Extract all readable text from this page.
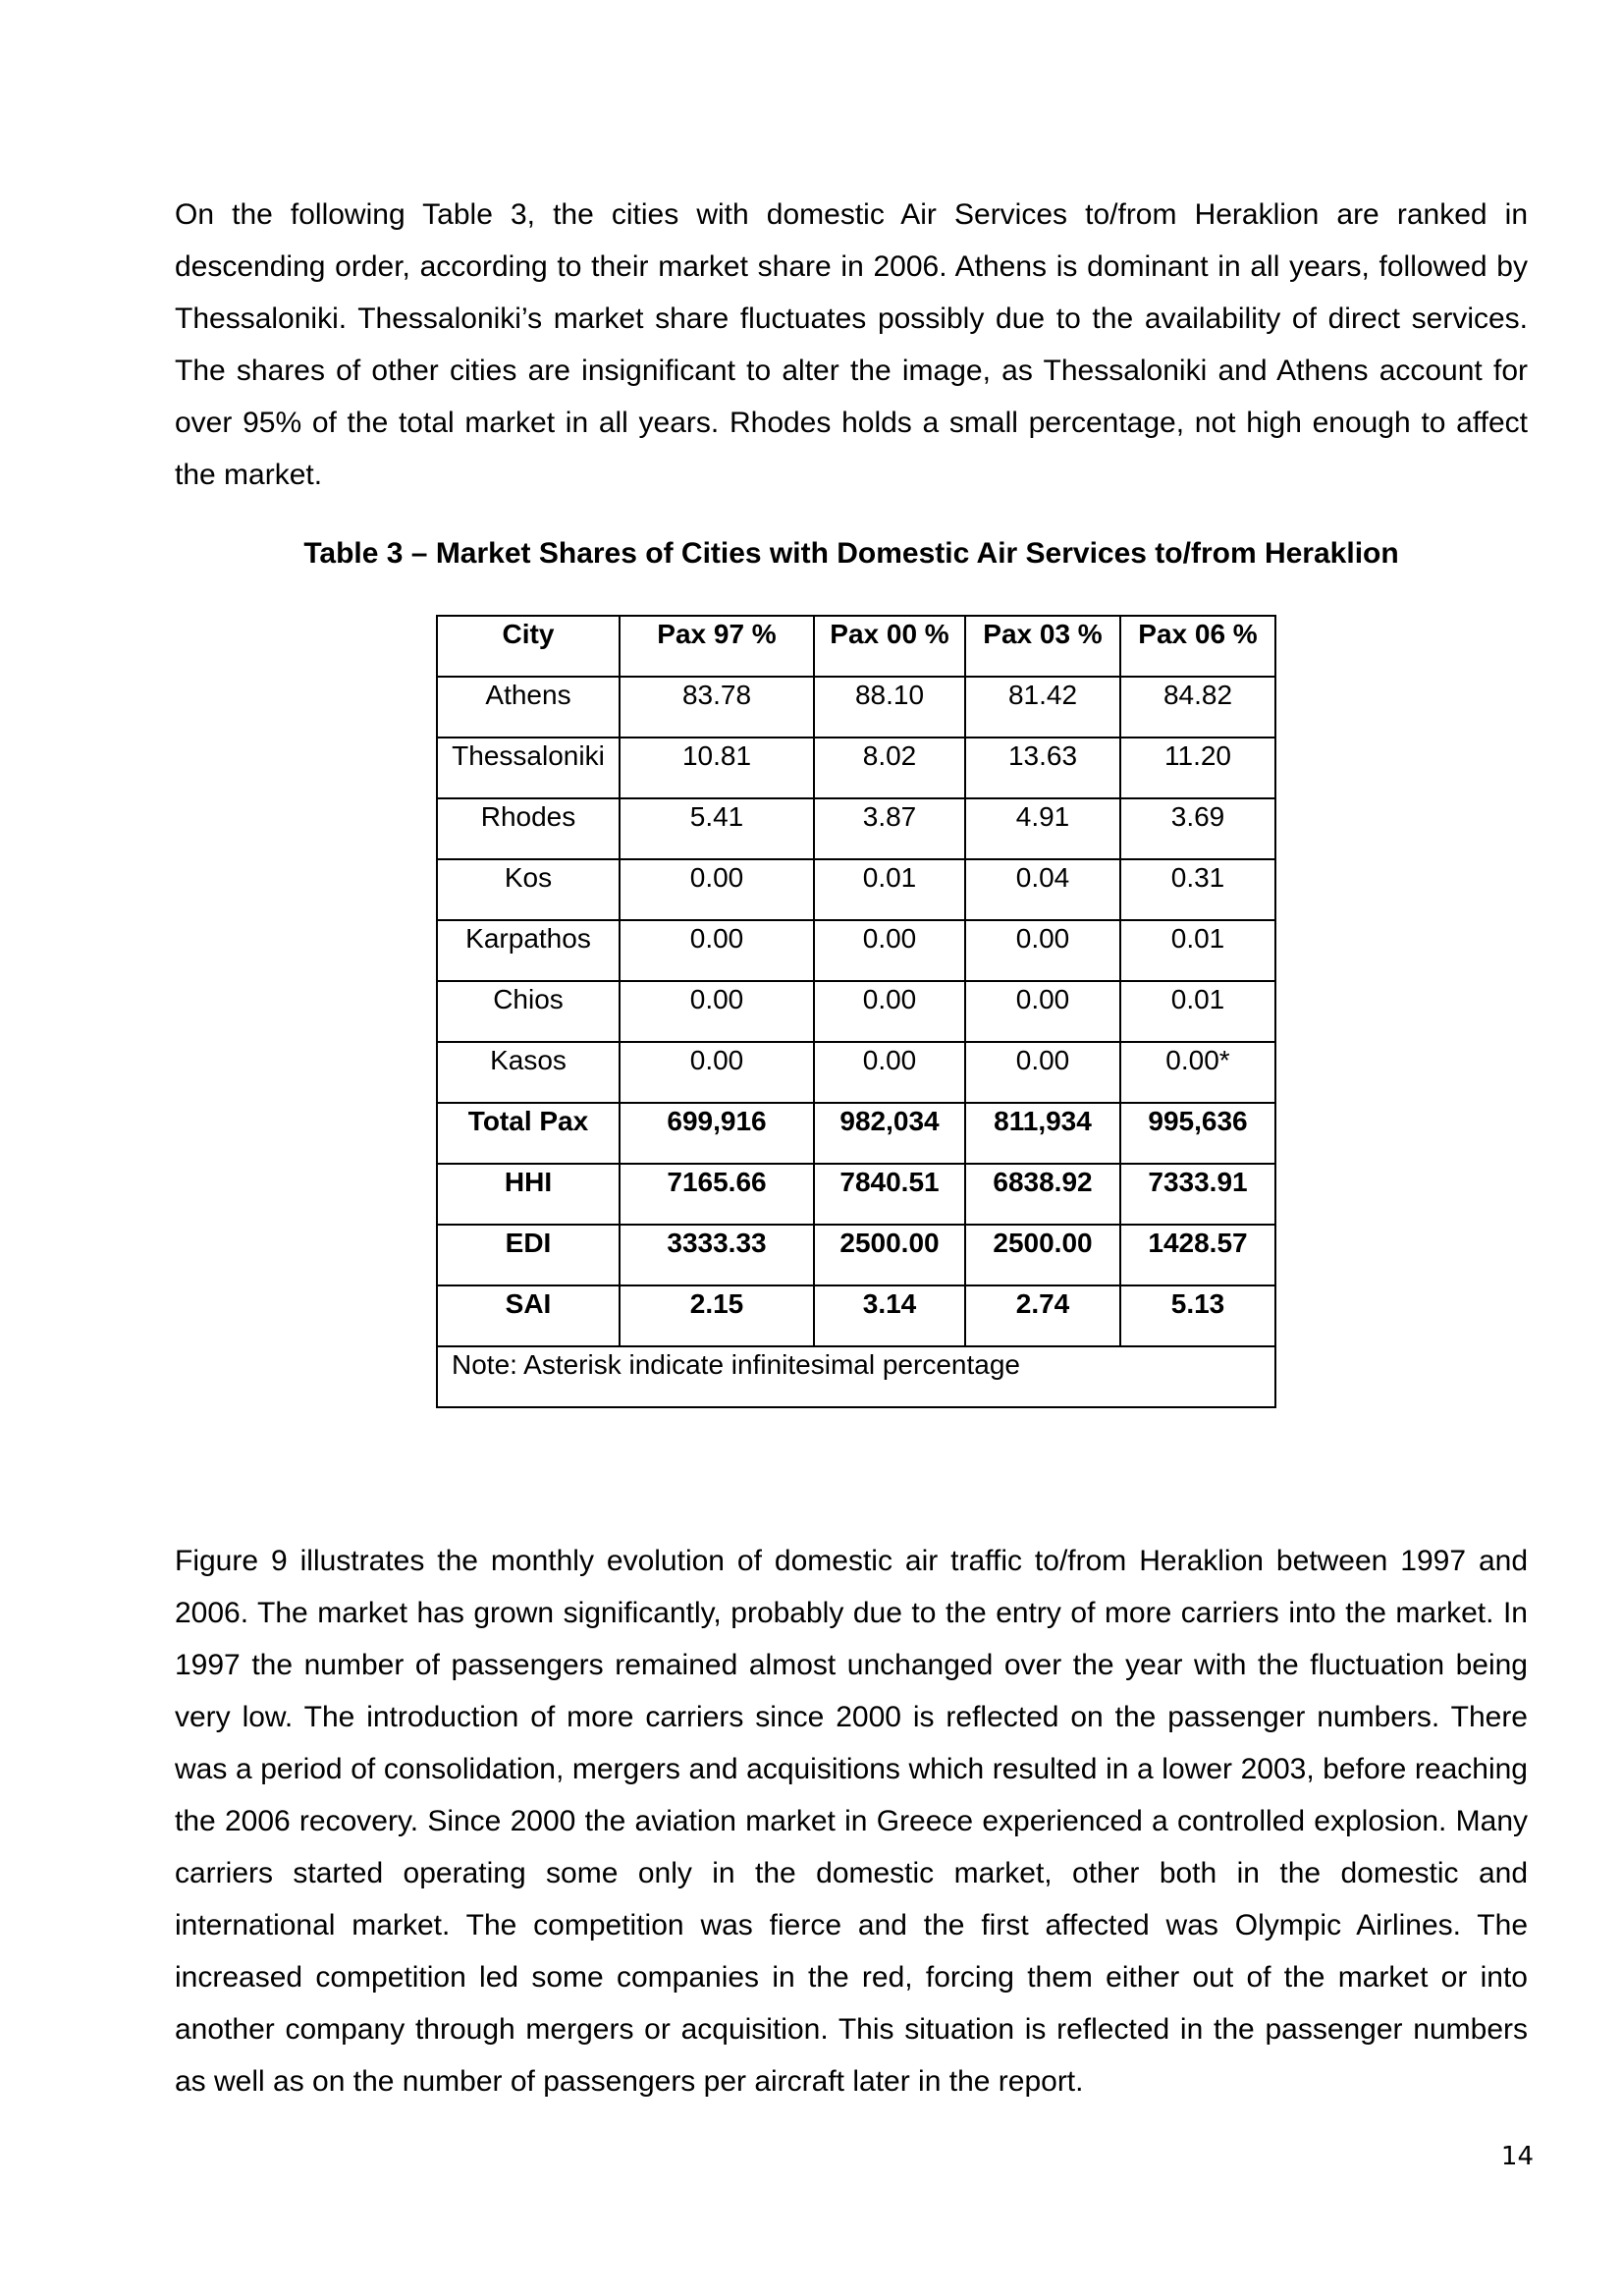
On the following Table 3, the cities with domestic Air Services to/from Heraklion are ranked in descending order, according to their market share in 2006. Athens is dominant in all years, followed by Thessaloniki. Thessaloniki’s market share fluctuates possibly due to the availability of direct services. The shares of other cities are insignificant to alter the image, as Thessaloniki and Athens account for over 95% of the total market in all years. Rhodes holds a small percentage, not high enough to affect the market.

Table 3 – Market Shares of Cities with Domestic Air Services to/from Heraklion

City	Pax 97 %	Pax 00 %	Pax 03 %	Pax 06 %
Athens	83.78	88.10	81.42	84.82
Thessaloniki	10.81	8.02	13.63	11.20
Rhodes	5.41	3.87	4.91	3.69
Kos	0.00	0.01	0.04	0.31
Karpathos	0.00	0.00	0.00	0.01
Chios	0.00	0.00	0.00	0.01
Kasos	0.00	0.00	0.00	0.00*
Total Pax	699,916	982,034	811,934	995,636
HHI	7165.66	7840.51	6838.92	7333.91
EDI	3333.33	2500.00	2500.00	1428.57
SAI	2.15	3.14	2.74	5.13
Note: Asterisk indicate infinitesimal percentage				

Figure 9 illustrates the monthly evolution of domestic air traffic to/from Heraklion between 1997 and 2006. The market has grown significantly, probably due to the entry of more carriers into the market. In 1997 the number of passengers remained almost unchanged over the year with the fluctuation being very low. The introduction of more carriers since 2000 is reflected on the passenger numbers. There was a period of consolidation, mergers and acquisitions which resulted in a lower 2003, before reaching the 2006 recovery. Since 2000 the aviation market in Greece experienced a controlled explosion. Many carriers started operating some only in the domestic market, other both in the domestic and international market. The competition was fierce and the first affected was Olympic Airlines. The increased competition led some companies in the red, forcing them either out of the market or into another company through mergers or acquisition. This situation is reflected in the passenger numbers as well as on the number of passengers per aircraft later in the report.

14
